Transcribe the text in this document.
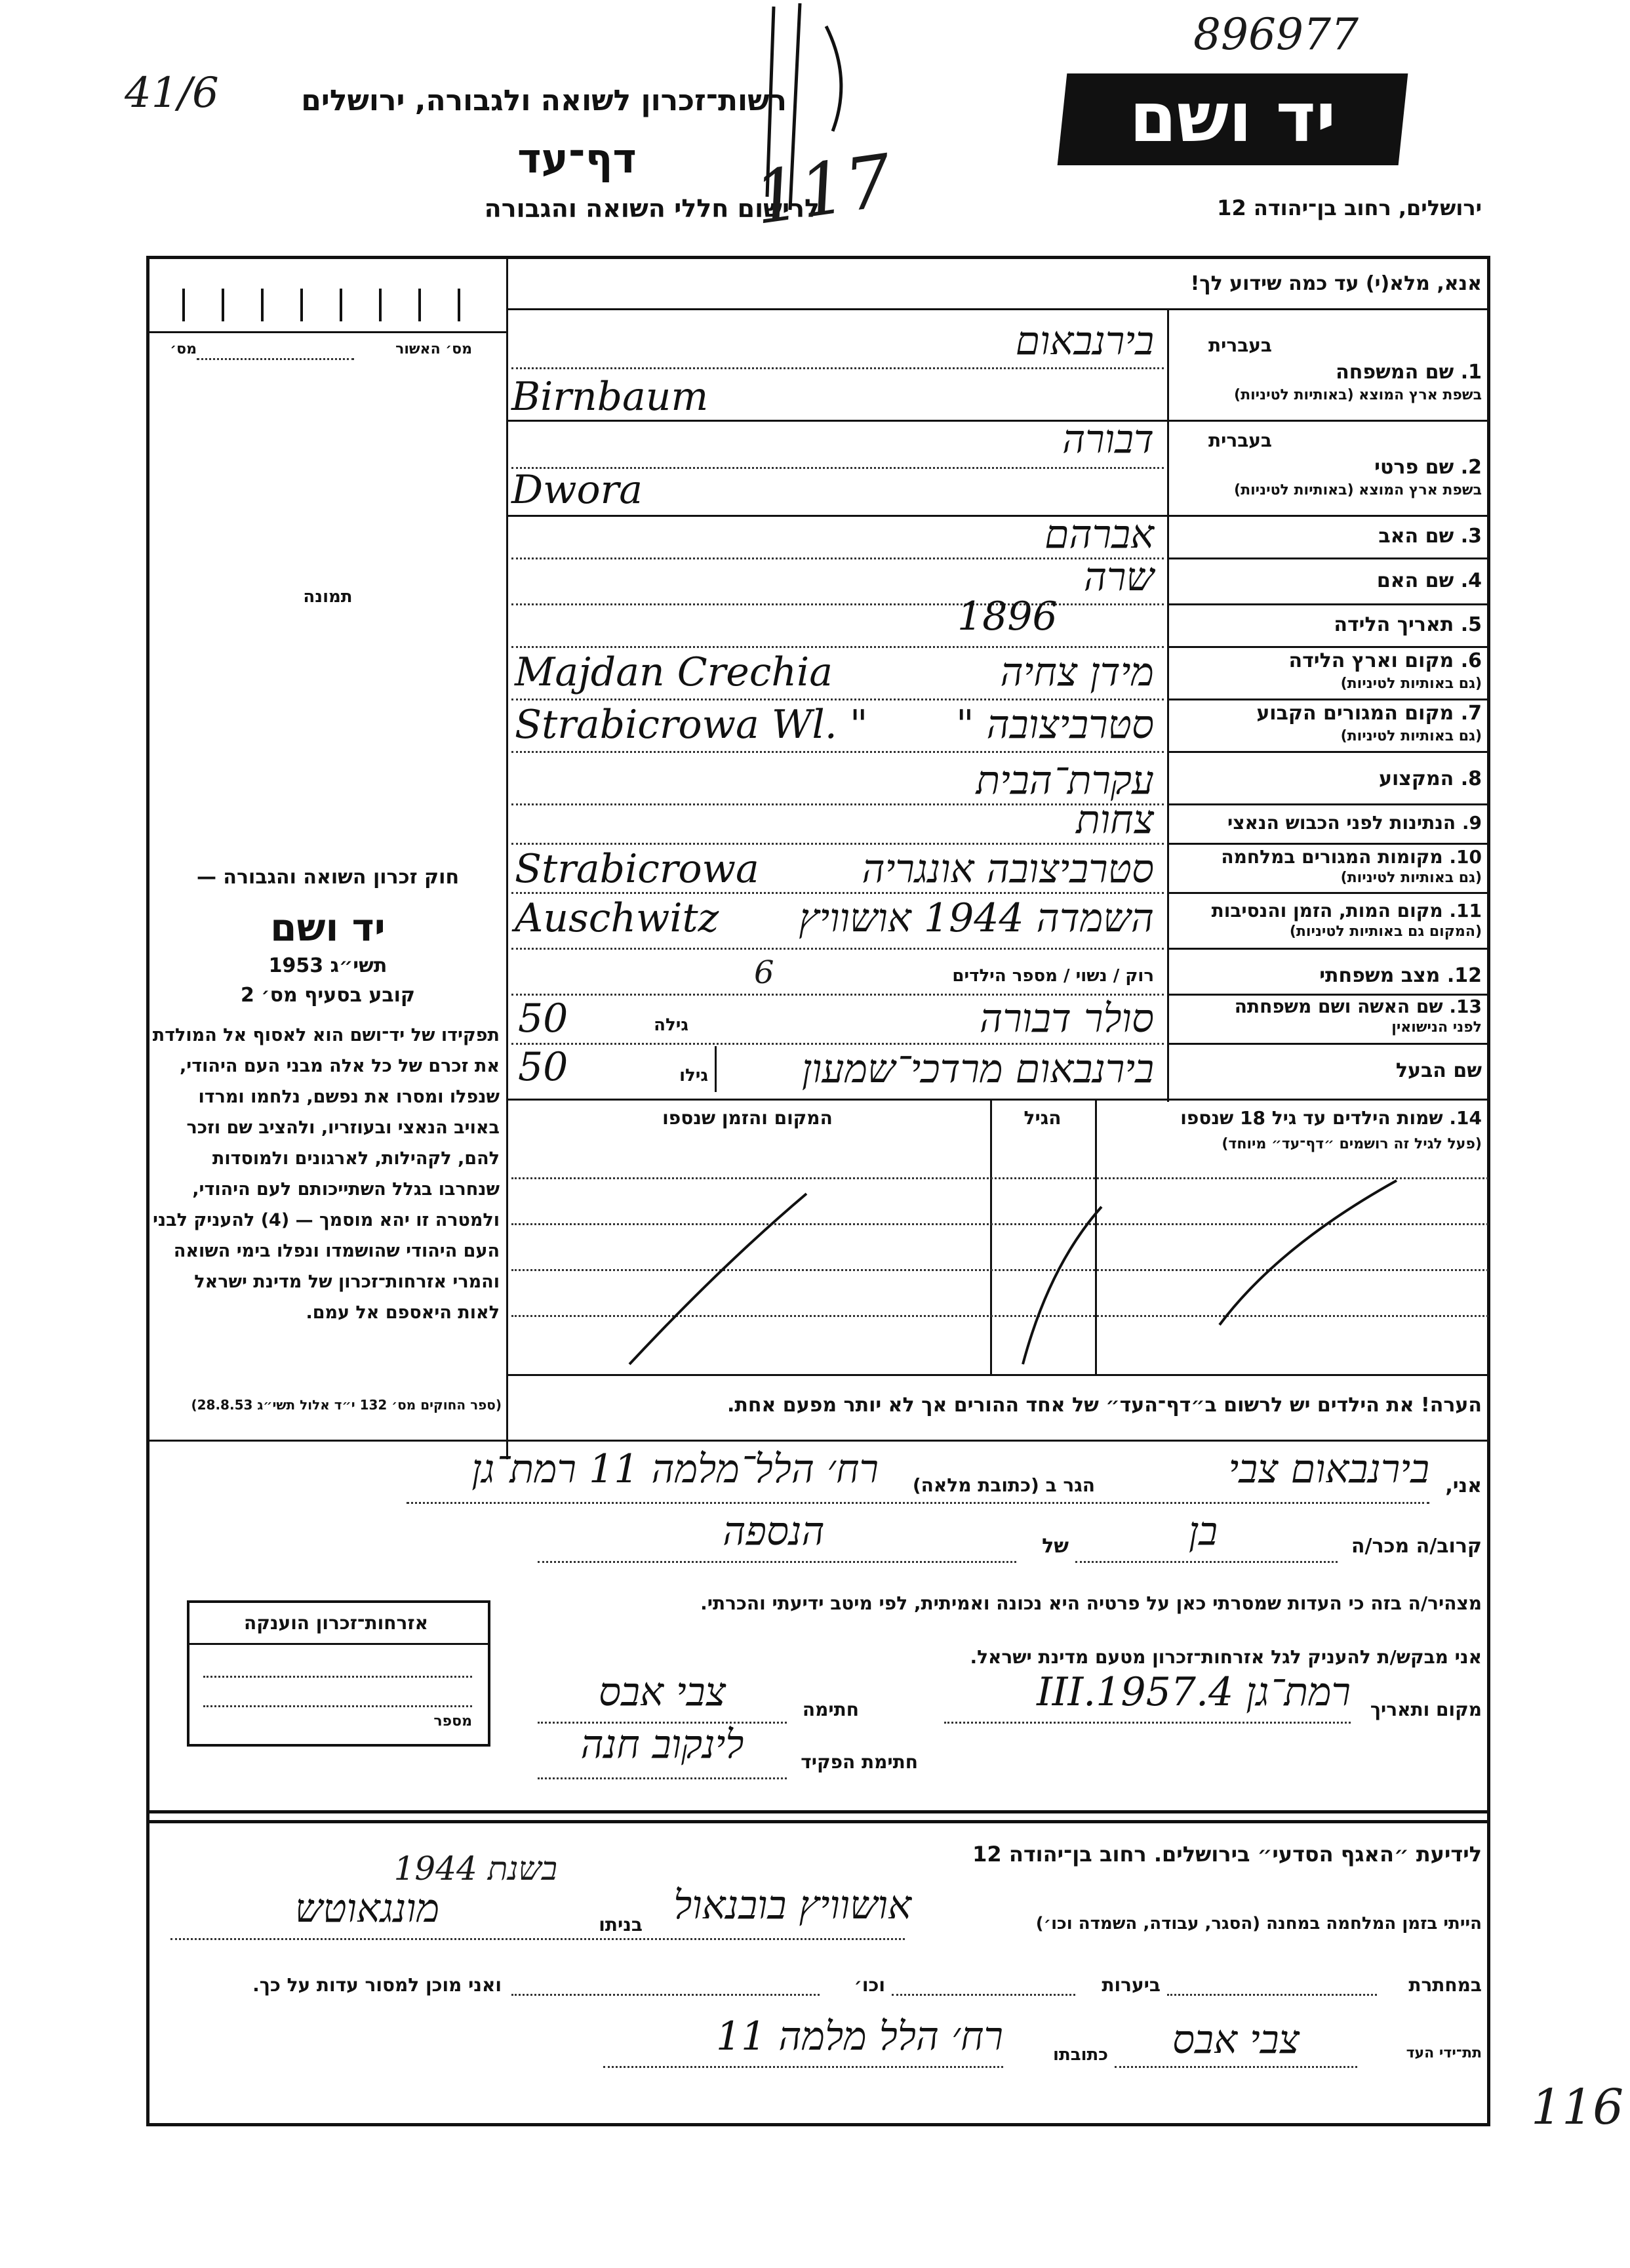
896977
41/6	רשות־זכרון לשואה ולגבורה, ירושלים
דף־עד
לרישום חללי השואה והגבורה
117
יד ושם
ירושלים, רחוב בן־יהודה 12
מס׳ האשור
מס׳
תמונה
אנא, מלא(י) עד כמה שידוע לך!
בעברית
1. שם המשפחה
בשפת ארץ המוצא (באותיות לטיניות)
בירנבאום
Birnbaum
בעברית
2. שם פרטי
בשפת ארץ המוצא (באותיות לטיניות)
דבורה
Dwora
3. שם האב
אברהם
4. שם האם
שרה
5. תאריך הלידה
1896
6. מקום וארץ הלידה
(גם באותיות לטיניות)
מידן צחיה
Majdan Crechia
7. מקום המגורים הקבוע
(גם באותיות לטיניות)
סטרביצובה "
Strabicrowa Wl. "
8. המקצוע
עקרת־הבית
9. הנתינות לפני הכבוש הנאצי
צחות
10. מקומות המגורים במלחמה
(גם באותיות לטיניות)
סטרביצובה אונגריה
Strabicrowa
11. מקום המות, הזמן והנסיבות
(המקום גם באותיות לטיניות)
השמדה 1944 אושוויץ
Auschwitz
12. מצב משפחתי
רוק / נשוי / מספר הילדים
6
13. שם האשה ושם משפחתה
לפני הנישואין
סולר דבורה
גילה
50
שם הבעל
בירנבאום מרדכי־שמעון
גילו
50
14. שמות הילדים עד גיל 18 שנספו
(פעל לגיל זה רושמים ״דף־עד״ מיוחד)
הגיל
המקום והזמן שנספו
הערה! את הילדים יש לרשום ב״דף־העד״ של אחד ההורים אך לא יותר מפעם אחת.
חוק זכרון השואה והגבורה —
יד ושם
תשי״ג 1953
קובע בסעיף מס׳ 2
תפקידו של יד־ושם הוא לאסוף אל המולדת את זכרם של כל אלה מבני העם היהודי, שנפלו ומסרו את נפשם, נלחמו ומרדו באויב הנאצי ובעוזריו, ולהציב שם וזכר להם, לקהילות, לארגונים ולמוסדות שנחרבו בגלל השתייכותם לעם היהודי, ולמטרה זו יהא מוסמך — (4) להעניק לבני העם היהודי שהושמדו ונפלו בימי השואה והמרי אזרחות־זכרון של מדינת ישראל לאות היאספם אל עמם.
(ספר החוקים מס׳ 132 י״ד אלול תשי״ג 28.8.53)
אני,
בירנבאום צבי
הגר ב (כתובת מלאה)
רח׳ הלל־מלמה 11 רמת־גן
קרוב/ה מכר/ה
בן
של
הנספה
מצהיר/ה בזה כי העדות שמסרתי כאן על פרטיה היא נכונה ואמיתית, לפי מיטב ידיעתי והכרתי.
אני מבקש/ת להעניק לגל אזרחות־זכרון מטעם מדינת ישראל.
מקום ותאריך
רמת־גן 4.III.1957
חתימה
צבי אבס
חתימת הפקיד
לינקוב חנה
אזרחות־זכרון הוענקה
מספר
לידיעת ״האגף הסדעי״ בירושלים. רחוב בן־יהודה 12
הייתי בזמן המלחמה במחנה (הסגר, עבודה, השמדה וכו׳)
אושוויץ בובנאול
בשנת 1944
בניתו
מונגאוטש
במחתרת
ביערות
וכו׳
ואני מוכן למסור עדות על כך.
תת־ידי העד
צבי אבס
כתובתו
רח׳ הלל מלמה 11
116
